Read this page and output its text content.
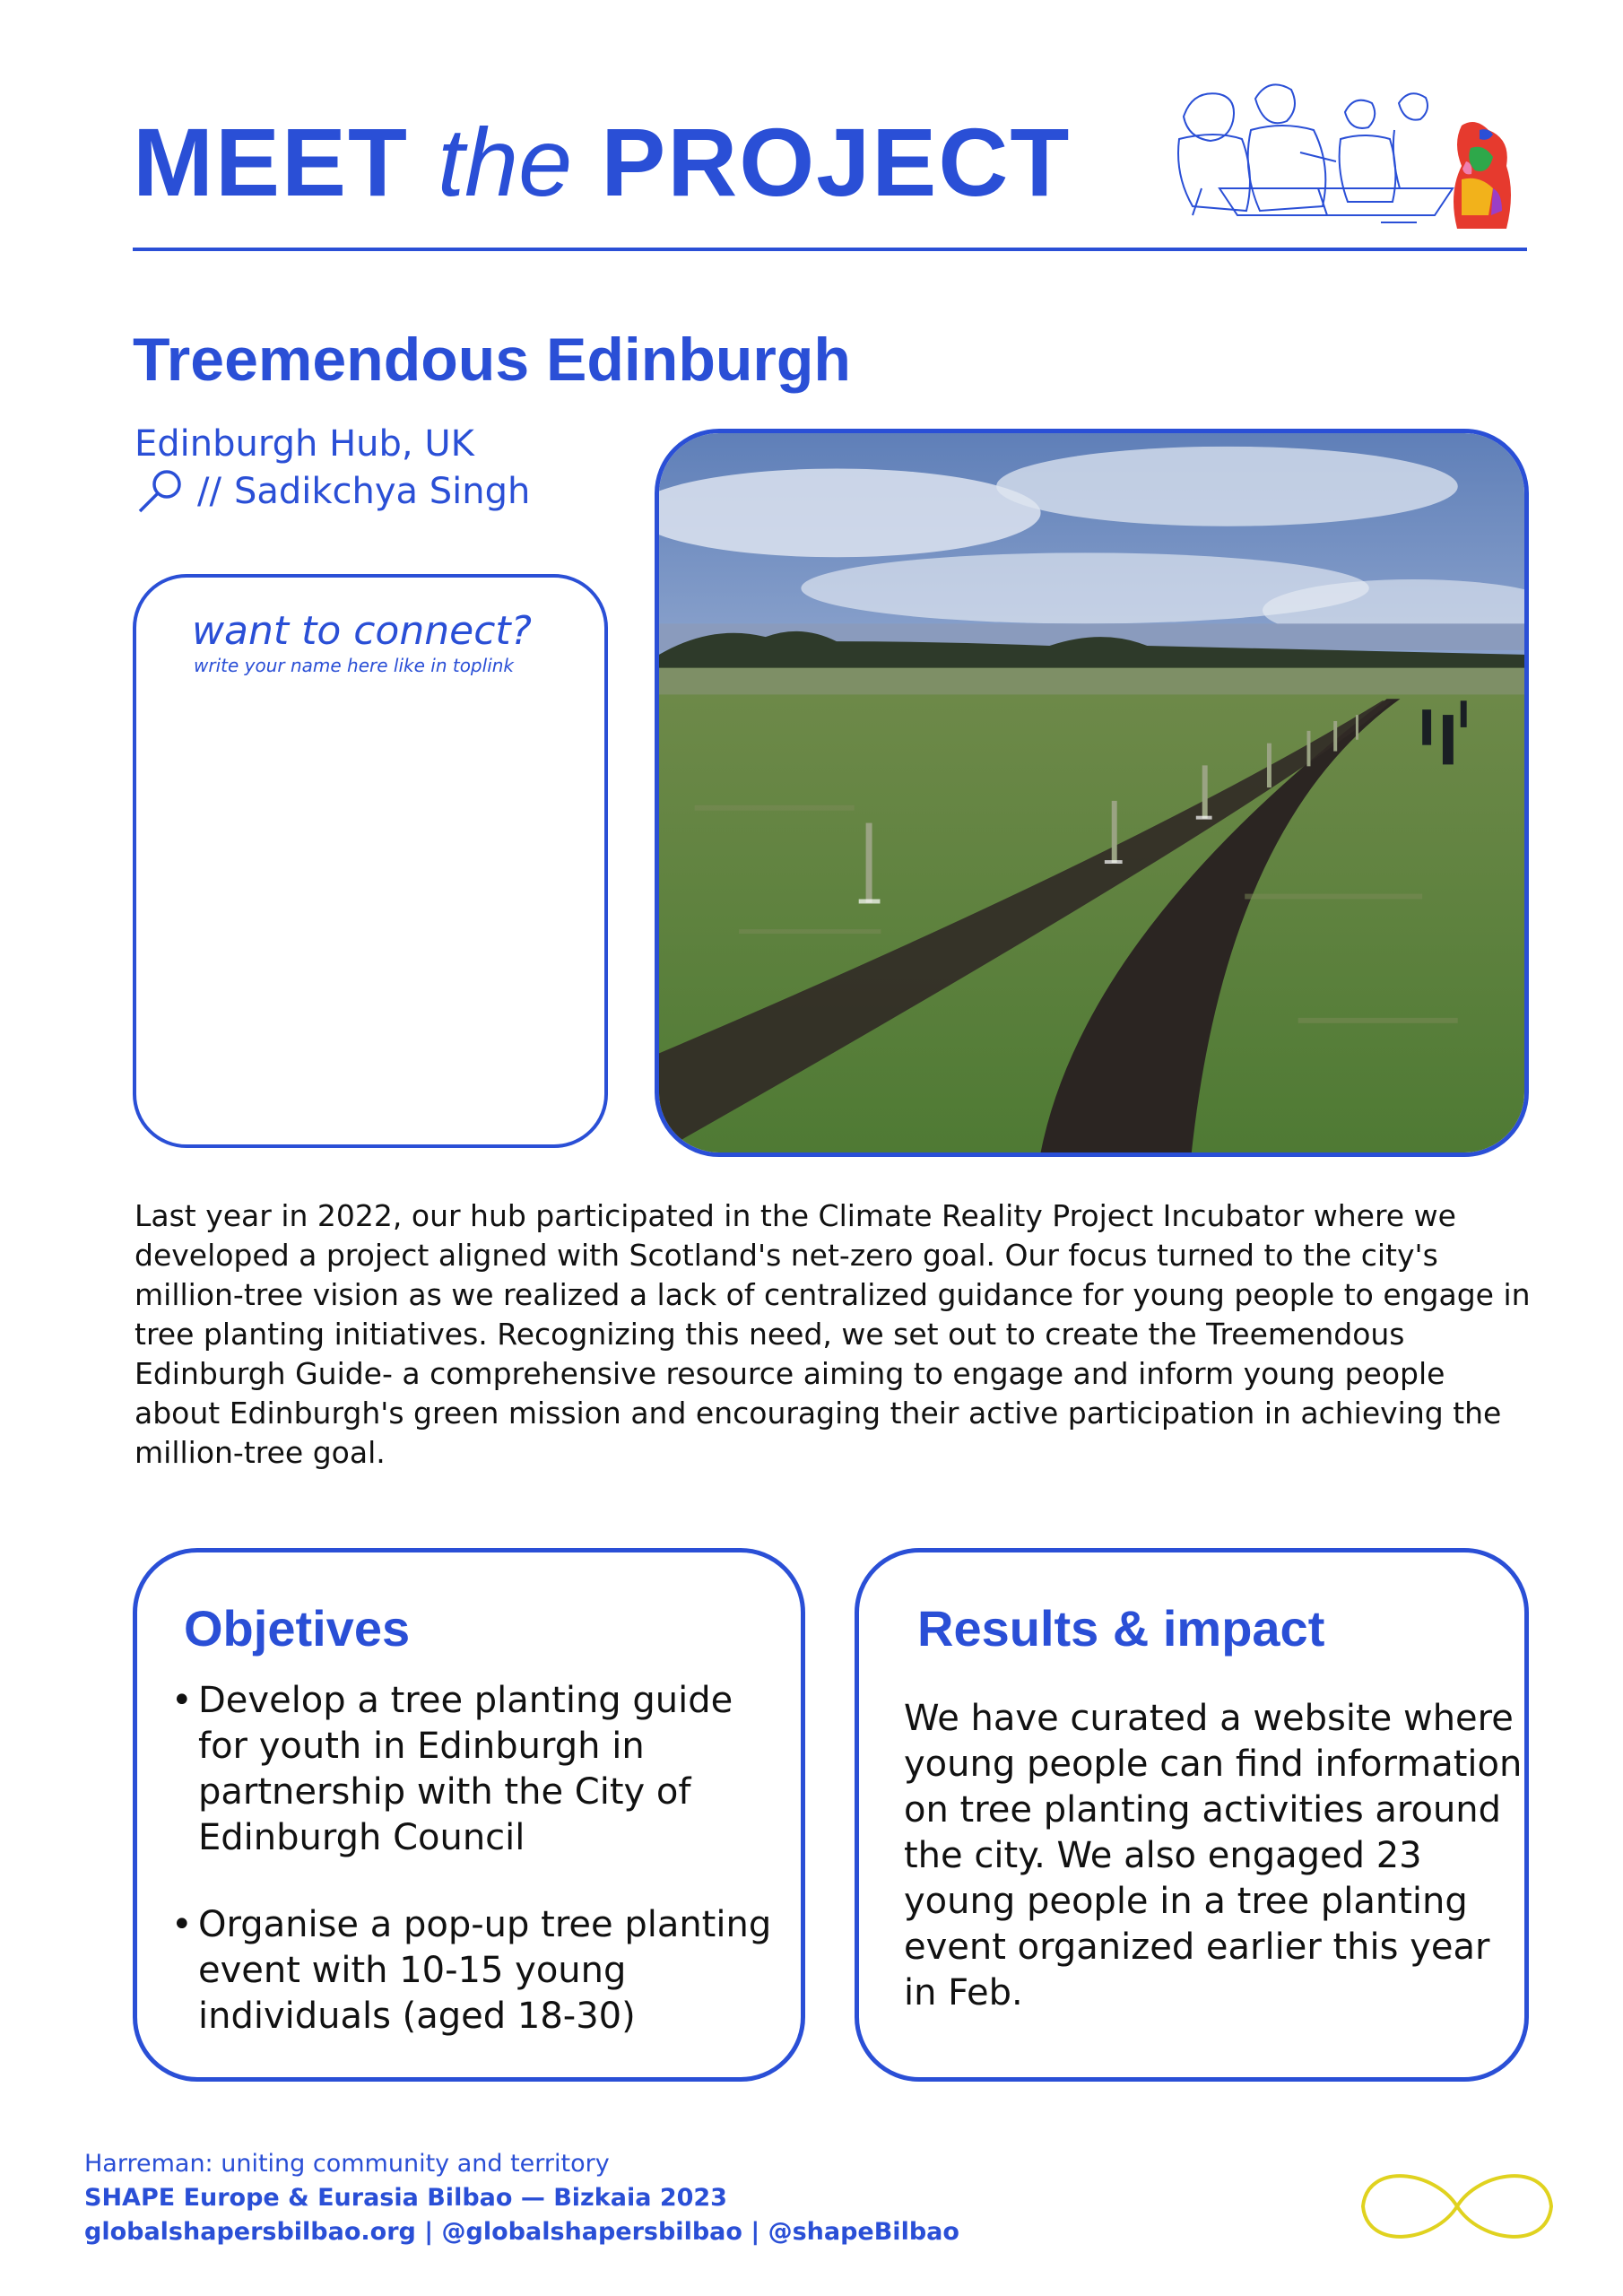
MEET the PROJECT
Treemendous Edinburgh
Edinburgh Hub, UK
// Sadikchya Singh
want to connect?
write your name here like in toplink

Last year in 2022, our hub participated in the Climate Reality Project Incubator where we developed a project aligned with Scotland's net-zero goal. Our focus turned to the city's million-tree vision as we realized a lack of centralized guidance for young people to engage in tree planting initiatives. Recognizing this need, we set out to create the Treemendous Edinburgh Guide- a comprehensive resource aiming to engage and inform young people about Edinburgh's green mission and encouraging their active participation in achieving the million-tree goal.

Objetives
• Develop a tree planting guide for youth in Edinburgh in partnership with the City of Edinburgh Council
• Organise a pop-up tree planting event with 10-15 young individuals (aged 18-30)
Results & impact

We have curated a website where young people can find information on tree planting activities around the city. We also engaged 23 young people in a tree planting event organized earlier this year in Feb.

Harreman: uniting community and territory
SHAPE Europe & Eurasia Bilbao — Bizkaia 2023
globalshapersbilbao.org | @globalshapersbilbao | @shapeBilbao
